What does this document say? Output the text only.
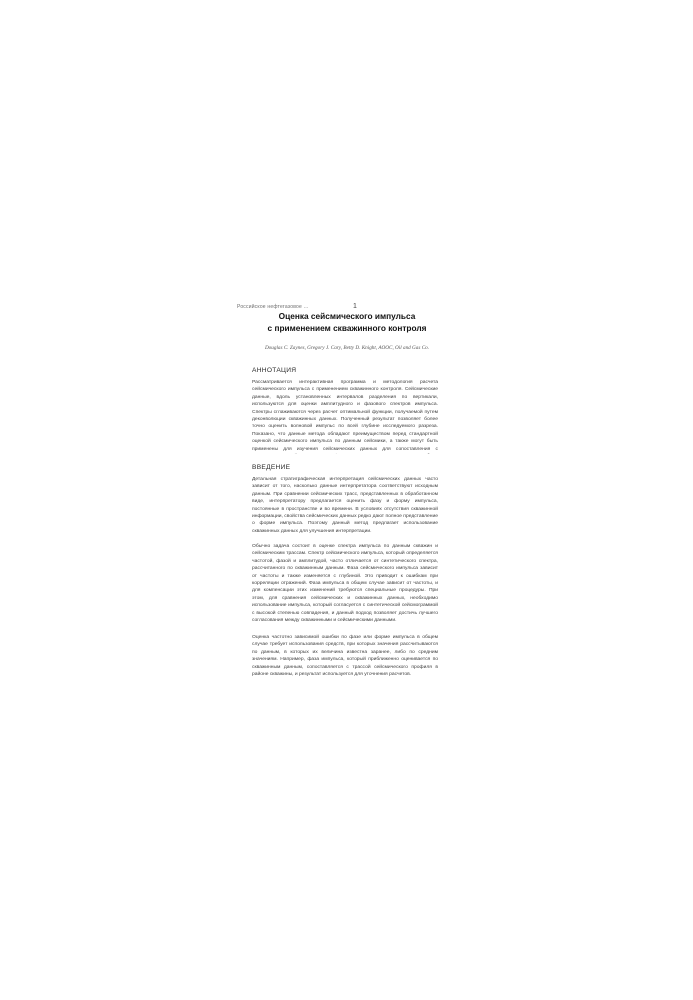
Российское нефтегазовое …	1
Оценка сейсмического импульса
с применением скважинного контроля
Douglas C. Zaynes, Gregory J. Cary, Betty D. Knight, AOOC, Oil and Gas Co.
АННОТАЦИЯ

Рассматривается интерактивная программа и методология расчета сейсмического импульса с применением скважинного контроля. Сейсмические данные, вдоль установленных интервалов разделения по вертикали, используются для оценки амплитудного и фазового спектров импульса. Спектры сглаживаются через расчет оптимальной функции, получаемой путем деконволюции скважинных данных. Полученный результат позволяет более точно оценить волновой импульс по всей глубине исследуемого разреза. Показано, что данные метода обладают преимуществом перед стандартной оценкой сейсмического импульса по данным сейсмики, а также могут быть применены для изучения сейсмических данных для сопоставления с

ВВЕДЕНИЕ

Детальная стратиграфическая интерпретация сейсмических данных часто зависит от того, насколько данные интерпретатора соответствуют исходным данным. При сравнении сейсмических трасс, представленных в обработанном виде, интерпретатору предлагается оценить фазу и форму импульса, постоянные в пространстве и во времени. В условиях отсутствия скважинной информации, свойства сейсмических данных редко дают полное представление о форме импульса. Поэтому данный метод предлагает использование скважинных данных для улучшения интерпретации.

Обычно задача состоит в оценке спектра импульса по данным скважин и сейсмическим трассам. Спектр сейсмического импульса, который определяется частотой, фазой и амплитудой, часто отличается от синтетического спектра, рассчитанного по скважинным данным. Фаза сейсмического импульса зависит от частоты и также изменяется с глубиной. Это приводит к ошибкам при корреляции отражений. Фаза импульса в общем случае зависит от частоты, и для компенсации этих изменений требуются специальные процедуры. При этом, для сравнения сейсмических и скважинных данных, необходимо использование импульса, который согласуется с синтетической сейсмограммой с высокой степенью совпадения, и данный подход позволяет достичь лучшего согласования между скважинными и сейсмическими данными.

Оценка частотно зависимой ошибки по фазе или форме импульса в общем случае требует использования средств, при которых значения рассчитываются по данным, в которых их величина известна заранее, либо по средним значениям. Например, фаза импульса, который приближенно оценивается по скважинным данным, сопоставляется с трассой сейсмического профиля в районе скважины, и результат используется для уточнения расчетов.
